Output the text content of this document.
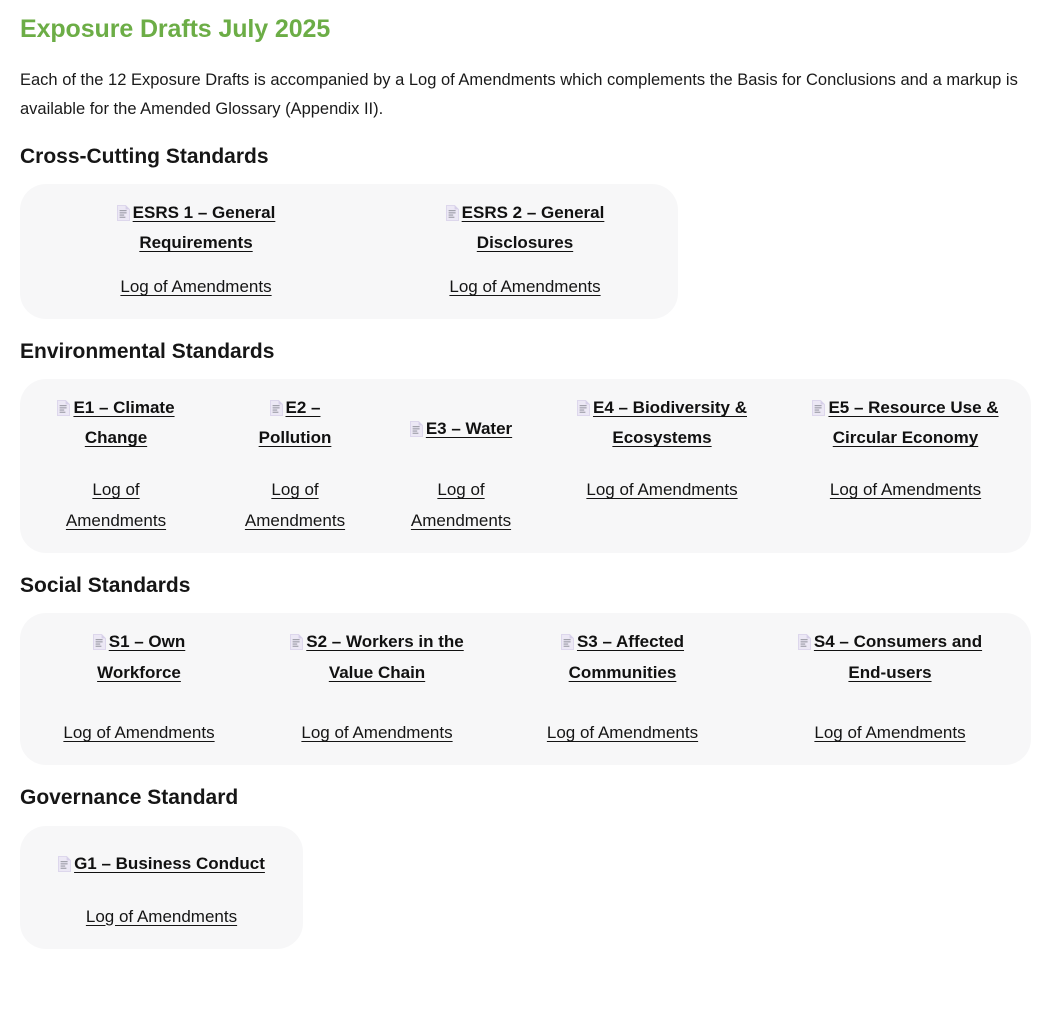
Exposure Drafts July 2025

Each of the 12 Exposure Drafts is accompanied by a Log of Amendments which complements the Basis for Conclusions and a markup is available for the Amended Glossary (Appendix II).

Cross-Cutting Standards
ESRS 1 – General Requirements
Log of Amendments
ESRS 2 – General Disclosures
Log of Amendments
Environmental Standards
E1 – Climate Change
Log of Amendments
E2 – Pollution
Log of Amendments
E3 – Water
Log of Amendments
E4 – Biodiversity & Ecosystems
Log of Amendments
E5 – Resource Use & Circular Economy
Log of Amendments
Social Standards
S1 – Own Workforce
Log of Amendments
S2 – Workers in the Value Chain
Log of Amendments
S3 – Affected Communities
Log of Amendments
S4 – Consumers and End-users
Log of Amendments
Governance Standard
G1 – Business Conduct
Log of Amendments
